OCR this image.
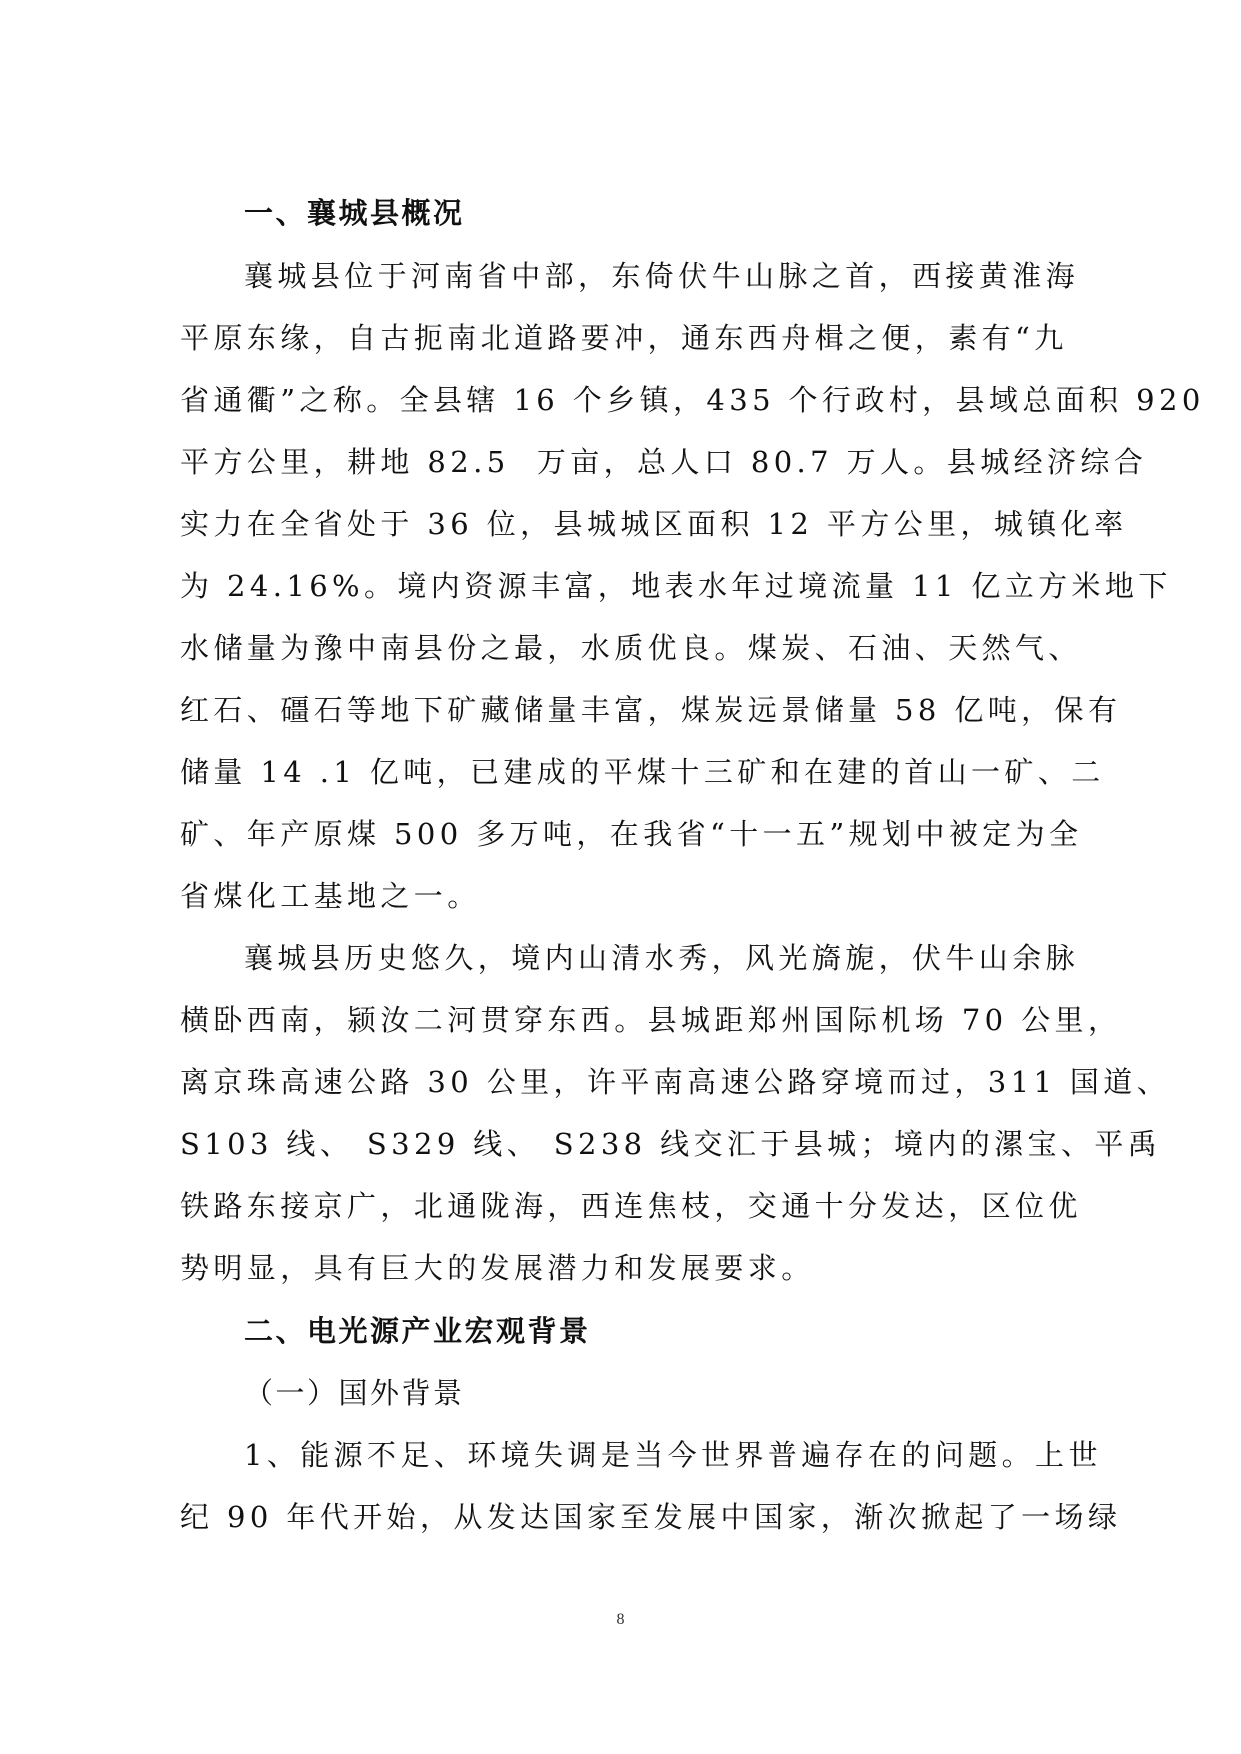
一、襄城县概况
襄城县位于河南省中部，东倚伏牛山脉之首，西接黄淮海
平原东缘，自古扼南北道路要冲，通东西舟楫之便，素有“九
省通衢”之称。全县辖 16 个乡镇，435 个行政村，县域总面积 920
平方公里，耕地 82.5  万亩，总人口 80.7 万人。县城经济综合
实力在全省处于 36 位，县城城区面积 12 平方公里，城镇化率
为 24.16%。境内资源丰富，地表水年过境流量 11 亿立方米地下
水储量为豫中南县份之最，水质优良。煤炭、石油、天然气、
红石、礓石等地下矿藏储量丰富，煤炭远景储量 58 亿吨，保有
储量 14 .1 亿吨，已建成的平煤十三矿和在建的首山一矿、二
矿、年产原煤 500 多万吨，在我省“十一五”规划中被定为全
省煤化工基地之一。
襄城县历史悠久，境内山清水秀，风光旖旎，伏牛山余脉
横卧西南，颍汝二河贯穿东西。县城距郑州国际机场 70 公里，
离京珠高速公路 30 公里，许平南高速公路穿境而过，311 国道、
S103 线、 S329 线、 S238 线交汇于县城；境内的漯宝、平禹
铁路东接京广，北通陇海，西连焦枝，交通十分发达，区位优
势明显，具有巨大的发展潜力和发展要求。
二、电光源产业宏观背景
（一）国外背景
1、能源不足、环境失调是当今世界普遍存在的问题。上世
纪 90 年代开始，从发达国家至发展中国家，渐次掀起了一场绿
8
